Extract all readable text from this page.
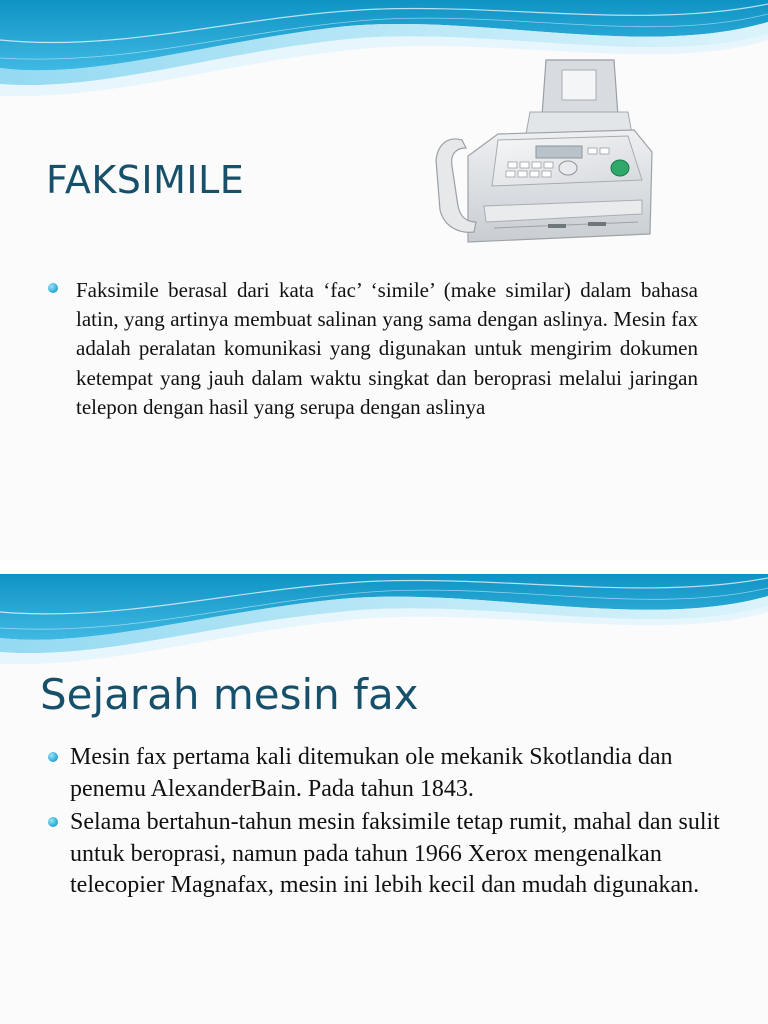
FAKSIMILE
Faksimile berasal dari kata ‘fac’ ‘simile’ (make similar) dalam bahasa latin, yang artinya membuat salinan yang sama dengan aslinya. Mesin fax adalah peralatan komunikasi yang digunakan untuk mengirim dokumen ketempat yang jauh dalam waktu singkat dan beroprasi melalui jaringan telepon dengan hasil yang serupa dengan aslinya
Sejarah mesin fax
Mesin fax pertama kali ditemukan ole mekanik Skotlandia dan penemu AlexanderBain. Pada tahun 1843.
Selama bertahun-tahun mesin faksimile tetap rumit, mahal dan sulit untuk beroprasi, namun pada tahun 1966 Xerox mengenalkan telecopier Magnafax, mesin ini lebih kecil dan mudah digunakan.
